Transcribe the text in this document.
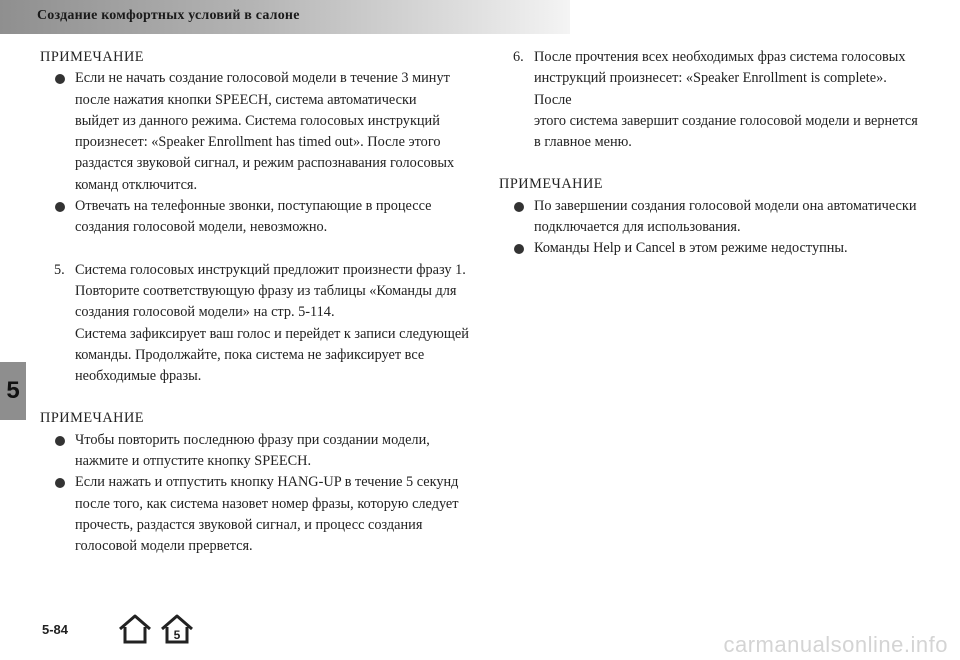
Создание комфортных условий в салоне
5

ПРИМЕЧАНИЕ

Если не начать создание голосовой модели в течение 3 минут
после нажатия кнопки SPEECH, система автоматически
выйдет из данного режима. Система голосовых инструкций
произнесет: «Speaker Enrollment has timed out». После этого
раздастся звуковой сигнал, и режим распознавания голосовых
команд отключится.
Отвечать на телефонные звонки, поступающие в процессе
создания голосовой модели, невозможно.
5. Система голосовых инструкций предложит произнести фразу 1.
Повторите соответствующую фразу из таблицы «Команды для
создания голосовой модели» на стр. 5-114.
Система зафиксирует ваш голос и перейдет к записи следующей
команды. Продолжайте, пока система не зафиксирует все
необходимые фразы.

ПРИМЕЧАНИЕ

Чтобы повторить последнюю фразу при создании модели,
нажмите и отпустите кнопку SPEECH.
Если нажать и отпустить кнопку HANG-UP в течение 5 секунд
после того, как система назовет номер фразы, которую следует
прочесть, раздастся звуковой сигнал, и процесс создания
голосовой модели прервется.
6. После прочтения всех необходимых фраз система голосовых
инструкций произнесет: «Speaker Enrollment is complete». После
этого система завершит создание голосовой модели и вернется
в главное меню.

ПРИМЕЧАНИЕ

По завершении создания голосовой модели она автоматически
подключается для использования.
Команды Help и Cancel в этом режиме недоступны.
5-84	5	carmanualsonline.info
